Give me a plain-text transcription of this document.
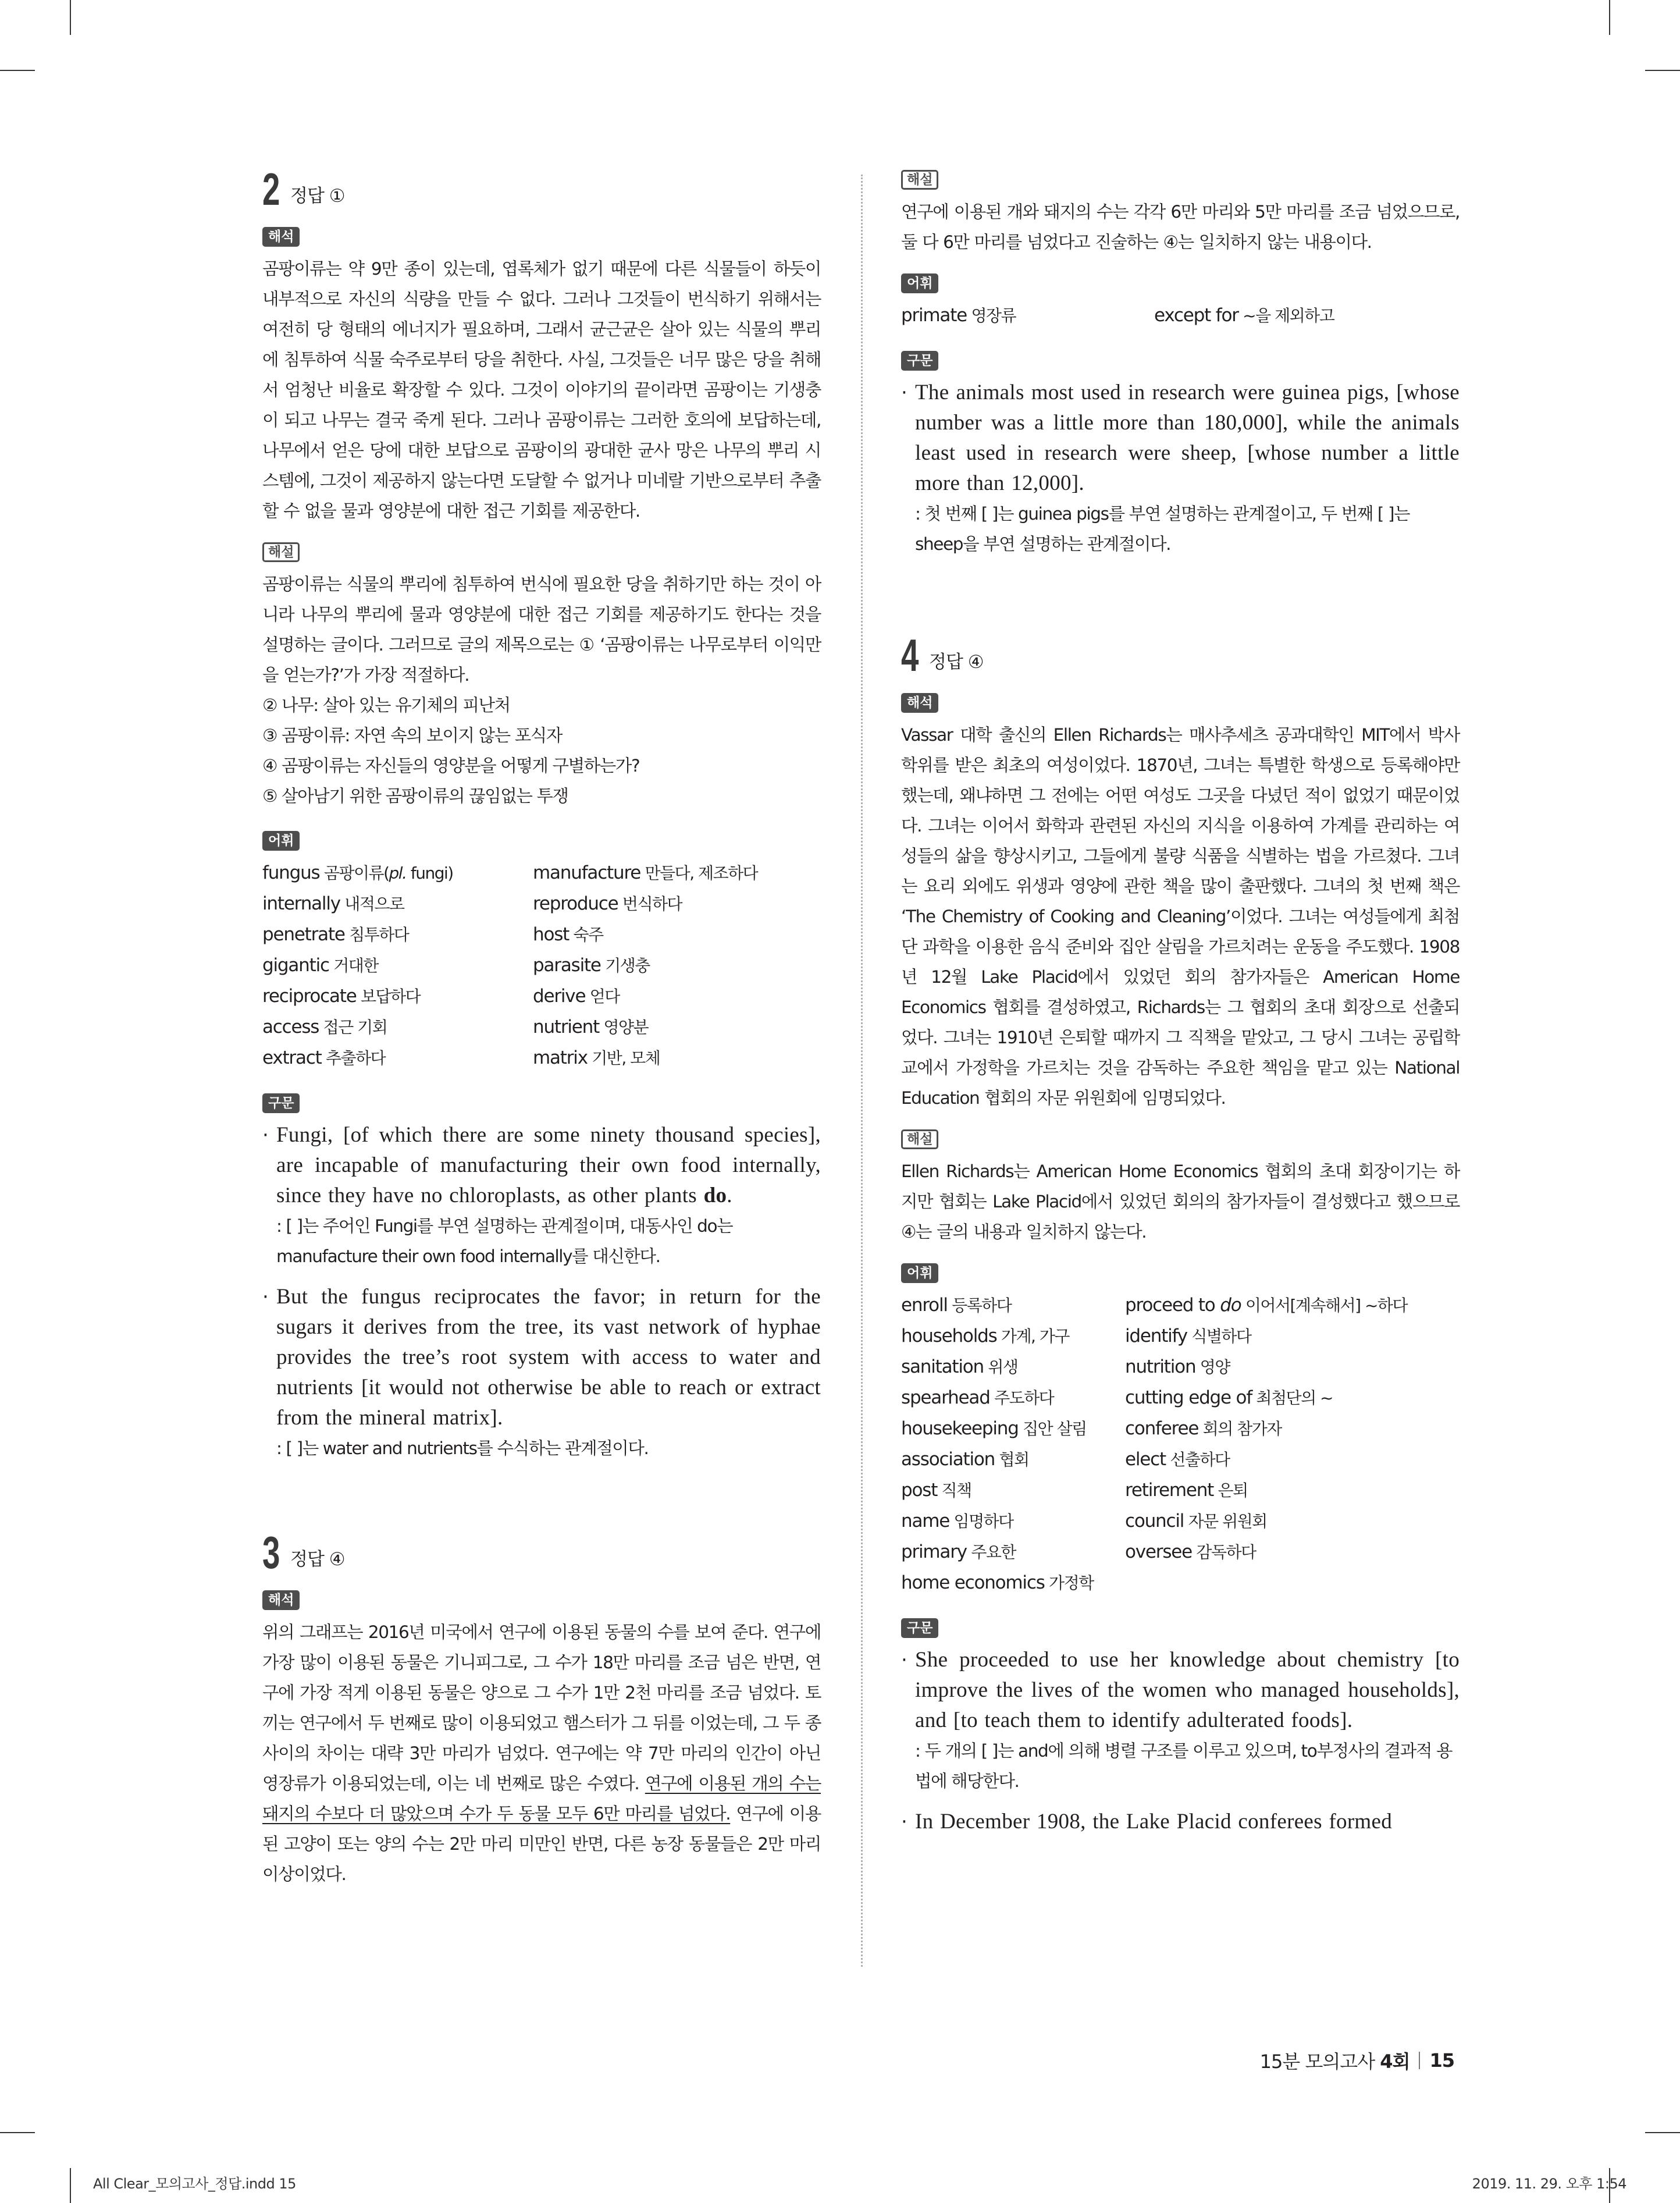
2 정답 ①
해석

곰팡이류는 약 9만 종이 있는데, 엽록체가 없기 때문에 다른 식물들이 하듯이 내부적으로 자신의 식량을 만들 수 없다. 그러나 그것들이 번식하기 위해서는 여전히 당 형태의 에너지가 필요하며, 그래서 균근균은 살아 있는 식물의 뿌리에 침투하여 식물 숙주로부터 당을 취한다. 사실, 그것들은 너무 많은 당을 취해서 엄청난 비율로 확장할 수 있다. 그것이 이야기의 끝이라면 곰팡이는 기생충이 되고 나무는 결국 죽게 된다. 그러나 곰팡이류는 그러한 호의에 보답하는데, 나무에서 얻은 당에 대한 보답으로 곰팡이의 광대한 균사 망은 나무의 뿌리 시스템에, 그것이 제공하지 않는다면 도달할 수 없거나 미네랄 기반으로부터 추출할 수 없을 물과 영양분에 대한 접근 기회를 제공한다.

해설

곰팡이류는 식물의 뿌리에 침투하여 번식에 필요한 당을 취하기만 하는 것이 아니라 나무의 뿌리에 물과 영양분에 대한 접근 기회를 제공하기도 한다는 것을 설명하는 글이다. 그러므로 글의 제목으로는 ① ‘곰팡이류는 나무로부터 이익만을 얻는가?’가 가장 적절하다.

② 나무: 살아 있는 유기체의 피난처
③ 곰팡이류: 자연 속의 보이지 않는 포식자
④ 곰팡이류는 자신들의 영양분을 어떻게 구별하는가?
⑤ 살아남기 위한 곰팡이류의 끊임없는 투쟁
어휘
fungus 곰팡이류(pl. fungi)	manufacture 만들다, 제조하다
internally 내적으로	reproduce 번식하다
penetrate 침투하다	host 숙주
gigantic 거대한	parasite 기생충
reciprocate 보답하다	derive 얻다
access 접근 기회	nutrient 영양분
extract 추출하다	matrix 기반, 모체
구문
· Fungi, [of which there are some ninety thousand species], are incapable of manufacturing their own food internally, since they have no chloroplasts, as other plants do.
: [ ]는 주어인 Fungi를 부연 설명하는 관계절이며, 대동사인 do는 manufacture their own food internally를 대신한다.
· But the fungus reciprocates the favor; in return for the sugars it derives from the tree, its vast network of hyphae provides the tree’s root system with access to water and nutrients [it would not otherwise be able to reach or extract from the mineral matrix].
: [ ]는 water and nutrients를 수식하는 관계절이다.
3 정답 ④
해석

위의 그래프는 2016년 미국에서 연구에 이용된 동물의 수를 보여 준다. 연구에 가장 많이 이용된 동물은 기니피그로, 그 수가 18만 마리를 조금 넘은 반면, 연구에 가장 적게 이용된 동물은 양으로 그 수가 1만 2천 마리를 조금 넘었다. 토끼는 연구에서 두 번째로 많이 이용되었고 햄스터가 그 뒤를 이었는데, 그 두 종 사이의 차이는 대략 3만 마리가 넘었다. 연구에는 약 7만 마리의 인간이 아닌 영장류가 이용되었는데, 이는 네 번째로 많은 수였다. 연구에 이용된 개의 수는 돼지의 수보다 더 많았으며 수가 두 동물 모두 6만 마리를 넘었다. 연구에 이용된 고양이 또는 양의 수는 2만 마리 미만인 반면, 다른 농장 동물들은 2만 마리 이상이었다.

해설

연구에 이용된 개와 돼지의 수는 각각 6만 마리와 5만 마리를 조금 넘었으므로, 둘 다 6만 마리를 넘었다고 진술하는 ④는 일치하지 않는 내용이다.

어휘
primate 영장류	except for ~을 제외하고
구문
· The animals most used in research were guinea pigs, [whose number was a little more than 180,000], while the animals least used in research were sheep, [whose number a little more than 12,000].
: 첫 번째 [ ]는 guinea pigs를 부연 설명하는 관계절이고, 두 번째 [ ]는 sheep을 부연 설명하는 관계절이다.
4 정답 ④
해석

Vassar 대학 출신의 Ellen Richards는 매사추세츠 공과대학인 MIT에서 박사 학위를 받은 최초의 여성이었다. 1870년, 그녀는 특별한 학생으로 등록해야만 했는데, 왜냐하면 그 전에는 어떤 여성도 그곳을 다녔던 적이 없었기 때문이었다. 그녀는 이어서 화학과 관련된 자신의 지식을 이용하여 가계를 관리하는 여성들의 삶을 향상시키고, 그들에게 불량 식품을 식별하는 법을 가르쳤다. 그녀는 요리 외에도 위생과 영양에 관한 책을 많이 출판했다. 그녀의 첫 번째 책은 ‘The Chemistry of Cooking and Cleaning’이었다. 그녀는 여성들에게 최첨단 과학을 이용한 음식 준비와 집안 살림을 가르치려는 운동을 주도했다. 1908년 12월 Lake Placid에서 있었던 회의 참가자들은 American Home Economics 협회를 결성하였고, Richards는 그 협회의 초대 회장으로 선출되었다. 그녀는 1910년 은퇴할 때까지 그 직책을 맡았고, 그 당시 그녀는 공립학교에서 가정학을 가르치는 것을 감독하는 주요한 책임을 맡고 있는 National Education 협회의 자문 위원회에 임명되었다.

해설

Ellen Richards는 American Home Economics 협회의 초대 회장이기는 하지만 협회는 Lake Placid에서 있었던 회의의 참가자들이 결성했다고 했으므로 ④는 글의 내용과 일치하지 않는다.

어휘
enroll 등록하다	proceed to do 이어서[계속해서] ~하다
households 가계, 가구	identify 식별하다
sanitation 위생	nutrition 영양
spearhead 주도하다	cutting edge of 최첨단의 ~
housekeeping 집안 살림	conferee 회의 참가자
association 협회	elect 선출하다
post 직책	retirement 은퇴
name 임명하다	council 자문 위원회
primary 주요한	oversee 감독하다
home economics 가정학
구문
· She proceeded to use her knowledge about chemistry [to improve the lives of the women who managed households], and [to teach them to identify adulterated foods].
: 두 개의 [ ]는 and에 의해 병렬 구조를 이루고 있으며, to부정사의 결과적 용법에 해당한다.
· In December 1908, the Lake Placid conferees formed
15분 모의고사 4회 15
All Clear_모의고사_정답.indd 15	2019. 11. 29. 오후 1:54
